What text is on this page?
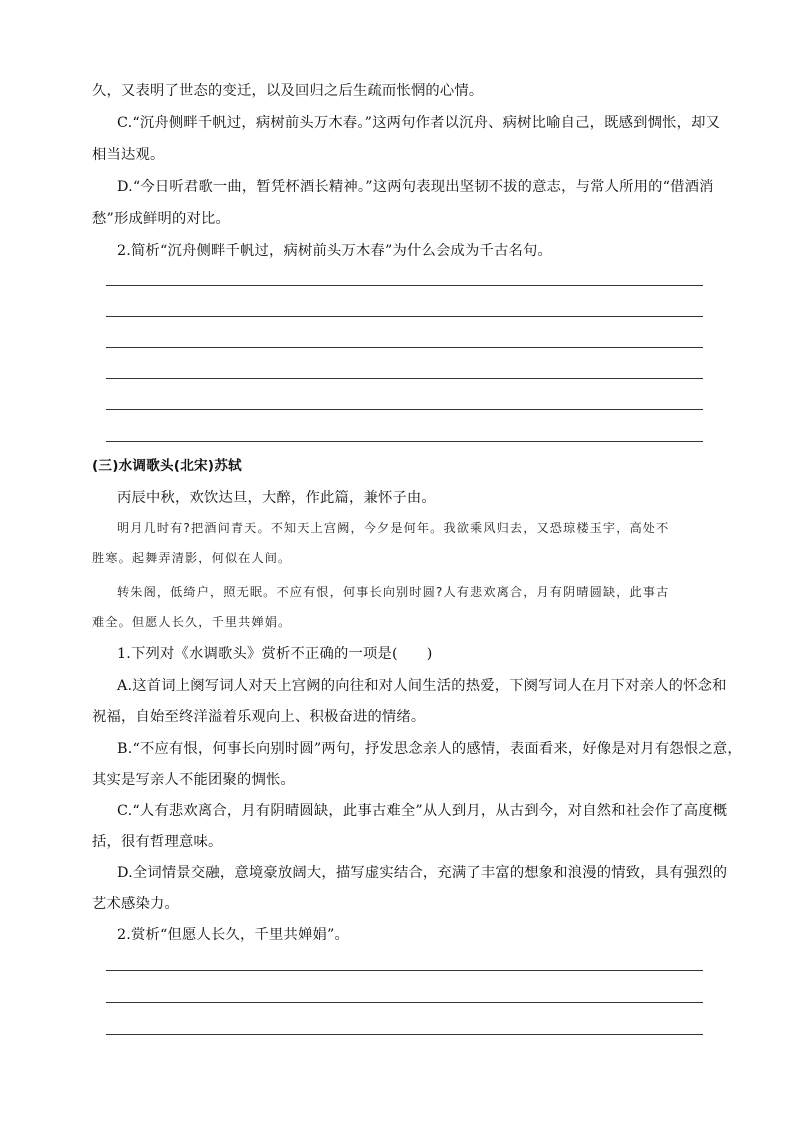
久，又表明了世态的变迁，以及回归之后生疏而怅惘的心情。
C.“沉舟侧畔千帆过，病树前头万木春。”这两句作者以沉舟、病树比喻自己，既感到惆怅，却又
相当达观。
D.“今日听君歌一曲，暂凭杯酒长精神。”这两句表现出坚韧不拔的意志，与常人所用的“借酒消
愁”形成鲜明的对比。
2.简析“沉舟侧畔千帆过，病树前头万木春”为什么会成为千古名句。
(三)水调歌头(北宋)苏轼
丙辰中秋，欢饮达旦，大醉，作此篇，兼怀子由。
明月几时有?把酒问青天。不知天上宫阙，今夕是何年。我欲乘风归去，又恐琼楼玉宇，高处不
胜寒。起舞弄清影，何似在人间。
转朱阁，低绮户，照无眠。不应有恨，何事长向别时圆?人有悲欢离合，月有阴晴圆缺，此事古
难全。但愿人长久，千里共婵娟。
1.下列对《水调歌头》赏析不正确的一项是(　　)
A.这首词上阕写词人对天上宫阙的向往和对人间生活的热爱，下阕写词人在月下对亲人的怀念和
祝福，自始至终洋溢着乐观向上、积极奋进的情绪。
B.“不应有恨，何事长向别时圆”两句，抒发思念亲人的感情，表面看来，好像是对月有怨恨之意，
其实是写亲人不能团聚的惆怅。
C.“人有悲欢离合，月有阴晴圆缺，此事古难全”从人到月，从古到今，对自然和社会作了高度概
括，很有哲理意味。
D.全词情景交融，意境豪放阔大，描写虚实结合，充满了丰富的想象和浪漫的情致，具有强烈的
艺术感染力。
2.赏析“但愿人长久，千里共婵娟”。
